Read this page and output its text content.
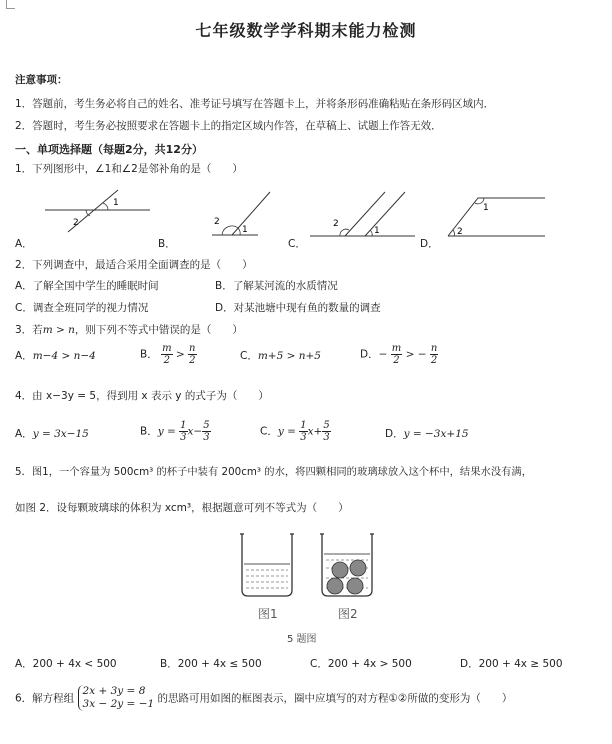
七年级数学学科期末能力检测
注意事项：
1．答题前，考生务必将自己的姓名、准考证号填写在答题卡上，并将条形码准确粘贴在条形码区域内．
2．答题时，考生务必按照要求在答题卡上的指定区域内作答，在草稿上、试题上作答无效．
一、单项选择题（每题2分，共12分）
1．下列图形中，∠1和∠2是邻补角的是（　　）
1
2	2
1
2
1	2
1
A．	B．	C．	D．
2．下列调查中，最适合采用全面调查的是（　　）
A．了解全国中学生的睡眠时间	B．了解某河流的水质情况
C．调查全班同学的视力情况	D．对某池塘中现有鱼的数量的调查
3．若m > n，则下列不等式中错误的是（　　）
A．m−4 > n−4	B． $\frac{m}{2} > \frac{n}{2}$	C．m+5 > n+5	D．− $\frac{m}{2}$ > − $\frac{n}{2}$
4．由 x−3y = 5，得到用 x 表示 y 的式子为（　　）
A．y = 3x−15	B．$y = \frac{1}{3} x- \frac{5}{3}$	C．$y = \frac{1}{3} x+ \frac{5}{3}$	D．y = −3x+15
5．图1，一个容量为 500cm³ 的杯子中装有 200cm³ 的水，将四颗相同的玻璃球放入这个杯中，结果水没有满，
如图 2．设每颗玻璃球的体积为 xcm³，根据题意可列不等式为（　　）
图1	图2
5 题图
A．200 + 4x < 500	B．200 + 4x ≤ 500	C．200 + 4x > 500	D．200 + 4x ≥ 500
6．解方程组
2x + 3y = 8
3x − 2y = −1 的思路可用如图的框图表示，圈中应填写的对方程①②所做的变形为（　　）
